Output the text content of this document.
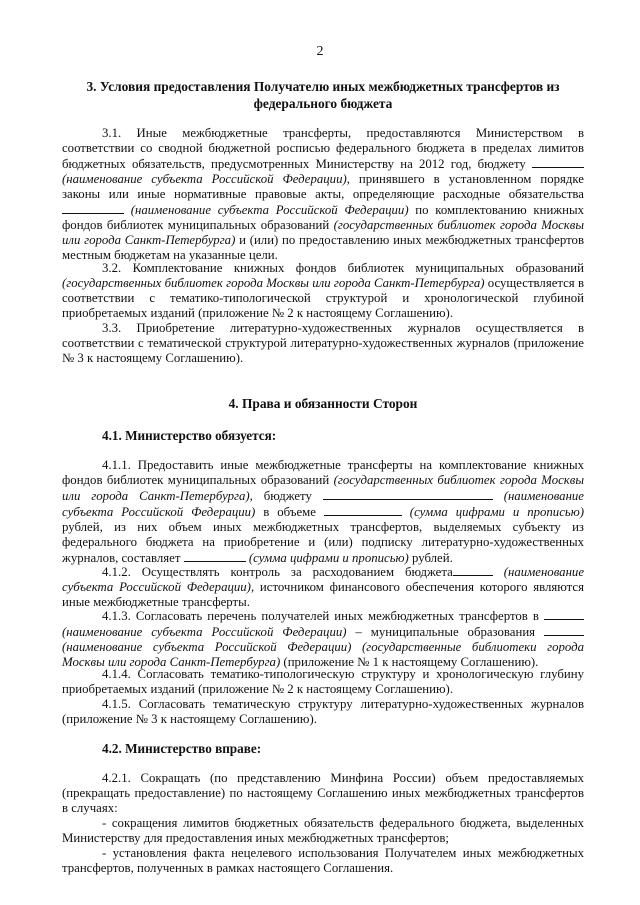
2

3. Условия предоставления Получателю иных межбюджетных трансфертов из

федерального бюджета

3.1. Иные межбюджетные трансферты, предоставляются Министерством в соответствии со сводной бюджетной росписью федерального бюджета в пределах лимитов бюджетных обязательств, предусмотренных Министерству на 2012 год, бюджету  (наименование субъекта Российской Федерации), принявшего в установленном порядке законы или иные нормативные правовые акты, определяющие расходные обязательства  (наименование субъекта Российской Федерации) по комплектованию книжных фондов библиотек муниципальных образований (государственных библиотек города Москвы или города Санкт-Петербурга) и (или) по предоставлению иных межбюджетных трансфертов местным бюджетам на указанные цели.

3.2. Комплектование книжных фондов библиотек муниципальных образований (государственных библиотек города Москвы или города Санкт-Петербурга) осуществляется в соответствии с тематико-типологической структурой и хронологической глубиной приобретаемых изданий (приложение № 2 к настоящему Соглашению).

3.3. Приобретение литературно-художественных журналов осуществляется в соответствии с тематической структурой литературно-художественных журналов (приложение № 3 к настоящему Соглашению).

4. Права и обязанности Сторон

4.1. Министерство обязуется:

4.1.1. Предоставить иные межбюджетные трансферты на комплектование книжных фондов библиотек муниципальных образований (государственных библиотек города Москвы или города Санкт-Петербурга), бюджету	(наименование субъекта Российской Федерации) в объеме	(сумма цифрами и прописью) рублей, из них объем иных межбюджетных трансфертов, выделяемых субъекту из федерального бюджета на приобретение и (или) подписку литературно-художественных журналов, составляет	(сумма цифрами и прописью) рублей.

4.1.2. Осуществлять контроль за расходованием бюджета	(наименование субъекта Российской Федерации), источником финансового обеспечения которого являются иные межбюджетные трансферты.

4.1.3. Согласовать перечень получателей иных межбюджетных трансфертов в  (наименование субъекта Российской Федерации) – муниципальные образования  (наименование субъекта Российской Федерации) (государственные библиотеки города Москвы или города Санкт-Петербурга) (приложение № 1 к настоящему Соглашению).

4.1.4. Согласовать тематико-типологическую структуру и хронологическую глубину приобретаемых изданий (приложение № 2 к настоящему Соглашению).

4.1.5. Согласовать тематическую структуру литературно-художественных журналов (приложение № 3 к настоящему Соглашению).

4.2. Министерство вправе:

4.2.1. Сокращать (по представлению Минфина России) объем предоставляемых (прекращать предоставление) по настоящему Соглашению иных межбюджетных трансфертов в случаях:

- сокращения лимитов бюджетных обязательств федерального бюджета, выделенных Министерству для предоставления иных межбюджетных трансфертов;

- установления факта нецелевого использования Получателем иных межбюджетных трансфертов, полученных в рамках настоящего Соглашения.
